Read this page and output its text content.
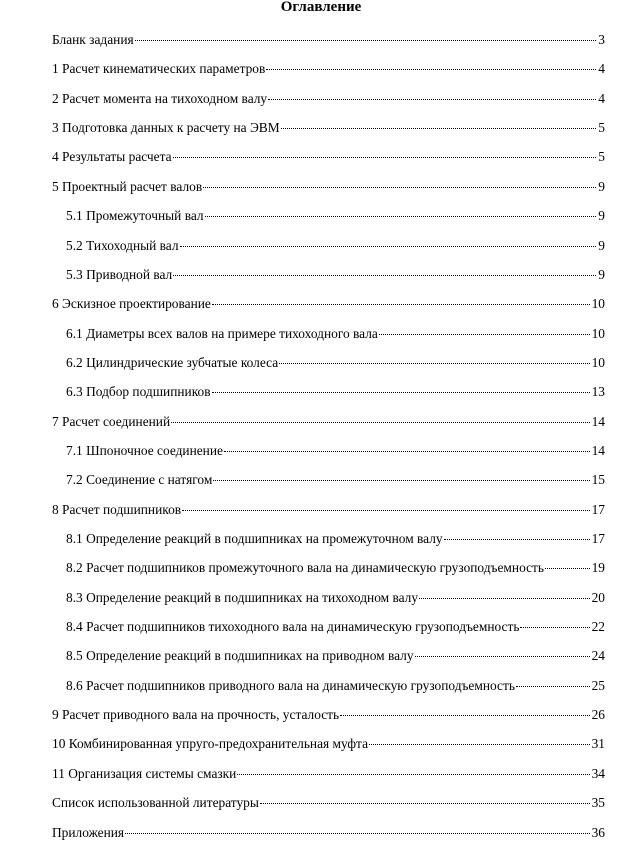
Оглавление
Бланк задания	3
1 Расчет кинематических параметров	4
2 Расчет момента на тихоходном валу	4
3 Подготовка данных к расчету на ЭВМ	5
4 Результаты расчета	5
5 Проектный расчет валов	9
5.1 Промежуточный вал	9
5.2 Тихоходный вал	9
5.3 Приводной вал	9
6 Эскизное проектирование	10
6.1 Диаметры всех валов на примере тихоходного вала	10
6.2 Цилиндрические зубчатые колеса	10
6.3 Подбор подшипников	13
7 Расчет соединений	14
7.1 Шпоночное соединение	14
7.2 Соединение с натягом	15
8 Расчет подшипников	17
8.1 Определение реакций в подшипниках на промежуточном валу	17
8.2 Расчет подшипников промежуточного вала на динамическую грузоподъемность	19
8.3 Определение реакций в подшипниках на тихоходном валу	20
8.4 Расчет подшипников тихоходного вала на динамическую грузоподъемность	22
8.5 Определение реакций в подшипниках на приводном валу	24
8.6 Расчет подшипников приводного вала на динамическую грузоподъемность	25
9 Расчет приводного вала на прочность, усталость	26
10 Комбинированная упруго-предохранительная муфта	31
11 Организация системы смазки	34
Список использованной литературы	35
Приложения	36
